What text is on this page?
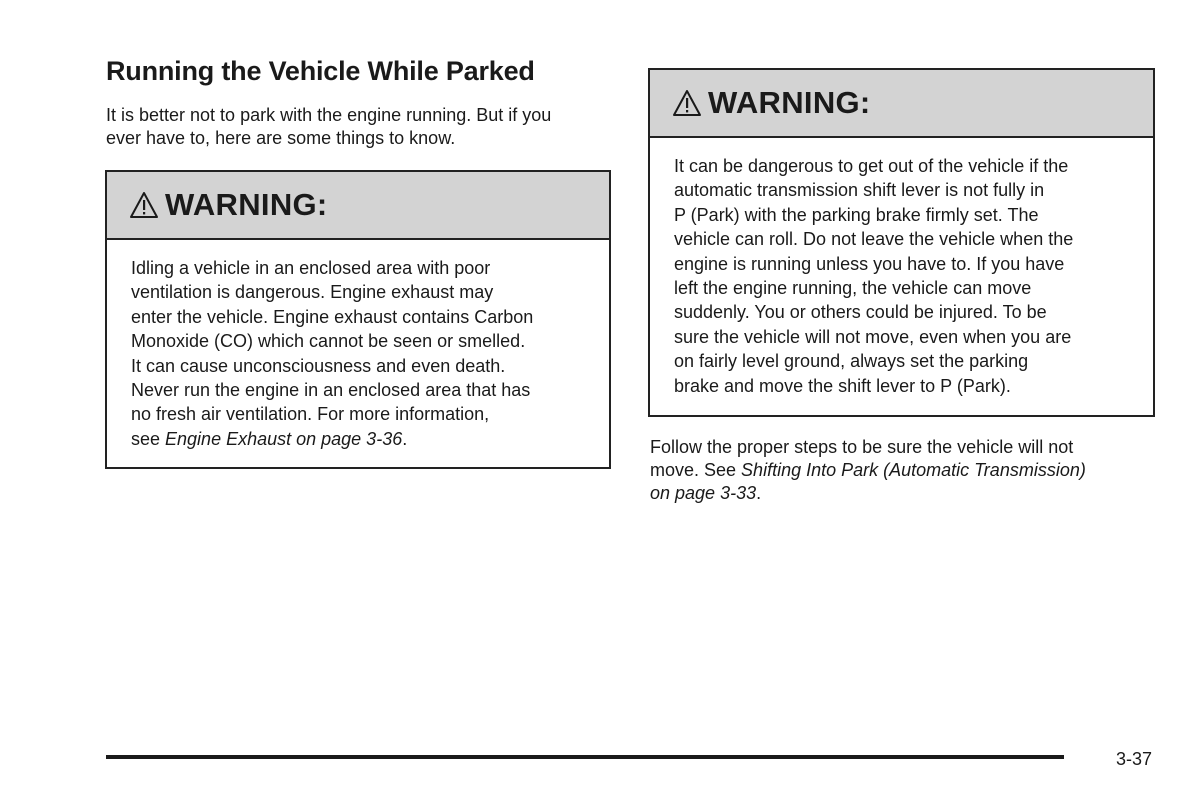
Running the Vehicle While Parked

It is better not to park with the engine running. But if you
ever have to, here are some things to know.

WARNING:
Idling a vehicle in an enclosed area with poor
ventilation is dangerous. Engine exhaust may
enter the vehicle. Engine exhaust contains Carbon
Monoxide (CO) which cannot be seen or smelled.
It can cause unconsciousness and even death.
Never run the engine in an enclosed area that has
no fresh air ventilation. For more information,
see Engine Exhaust on page 3-36.
WARNING:
It can be dangerous to get out of the vehicle if the
automatic transmission shift lever is not fully in
P (Park) with the parking brake firmly set. The
vehicle can roll. Do not leave the vehicle when the
engine is running unless you have to. If you have
left the engine running, the vehicle can move
suddenly. You or others could be injured. To be
sure the vehicle will not move, even when you are
on fairly level ground, always set the parking
brake and move the shift lever to P (Park).

Follow the proper steps to be sure the vehicle will not
move. See Shifting Into Park (Automatic Transmission)
on page 3-33.

3-37
